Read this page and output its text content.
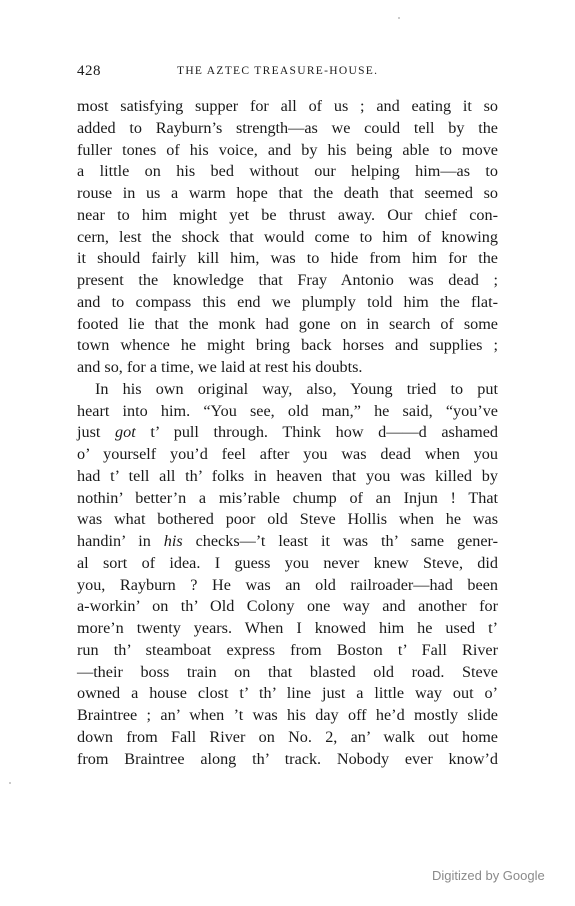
428	THE AZTEC TREASURE-HOUSE.
most satisfying supper for all of us ; and eating it so
added to Rayburn’s strength—as we could tell by the
fuller tones of his voice, and by his being able to move
a little on his bed without our helping him—as to
rouse in us a warm hope that the death that seemed so
near to him might yet be thrust away. Our chief con-
cern, lest the shock that would come to him of knowing
it should fairly kill him, was to hide from him for the
present the knowledge that Fray Antonio was dead ;
and to compass this end we plumply told him the flat-
footed lie that the monk had gone on in search of some
town whence he might bring back horses and supplies ;
and so, for a time, we laid at rest his doubts.
In his own original way, also, Young tried to put
heart into him. “You see, old man,” he said, “you’ve
just got t’ pull through. Think how d——d ashamed
o’ yourself you’d feel after you was dead when you
had t’ tell all th’ folks in heaven that you was killed by
nothin’ better’n a mis’rable chump of an Injun ! That
was what bothered poor old Steve Hollis when he was
handin’ in his checks—’t least it was th’ same gener-
al sort of idea. I guess you never knew Steve, did
you, Rayburn ? He was an old railroader—had been
a-workin’ on th’ Old Colony one way and another for
more’n twenty years. When I knowed him he used t’
run th’ steamboat express from Boston t’ Fall River
—their boss train on that blasted old road. Steve
owned a house clost t’ th’ line just a little way out o’
Braintree ; an’ when ’t was his day off he’d mostly slide
down from Fall River on No. 2, an’ walk out home
from Braintree along th’ track. Nobody ever know’d
Digitized by Google
